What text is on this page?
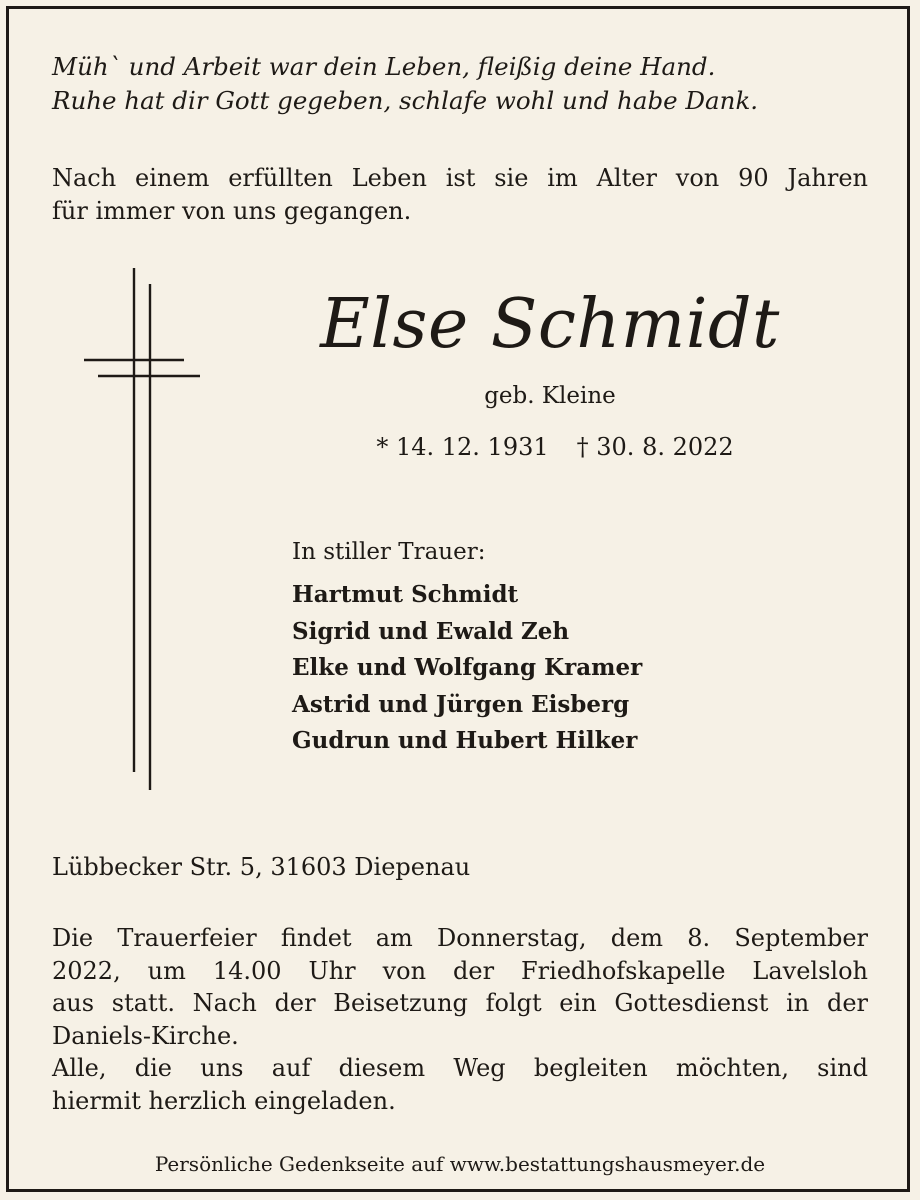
Müh` und Arbeit war dein Leben, fleißig deine Hand.
Ruhe hat dir Gott gegeben, schlafe wohl und habe Dank.
Nach einem erfüllten Leben ist sie im Alter von 90 Jahren
für immer von uns gegangen.
Else Schmidt
geb. Kleine
* 14. 12. 1931 † 30. 8. 2022
In stiller Trauer:
Hartmut Schmidt
Sigrid und Ewald Zeh
Elke und Wolfgang Kramer
Astrid und Jürgen Eisberg
Gudrun und Hubert Hilker
Lübbecker Str. 5, 31603 Diepenau
Die Trauerfeier findet am Donnerstag, dem 8. September
2022, um 14.00 Uhr von der Friedhofskapelle Lavelsloh
aus statt. Nach der Beisetzung folgt ein Gottesdienst in der
Daniels-Kirche.
Alle, die uns auf diesem Weg begleiten möchten, sind
hiermit herzlich eingeladen.
Persönliche Gedenkseite auf www.bestattungshausmeyer.de
